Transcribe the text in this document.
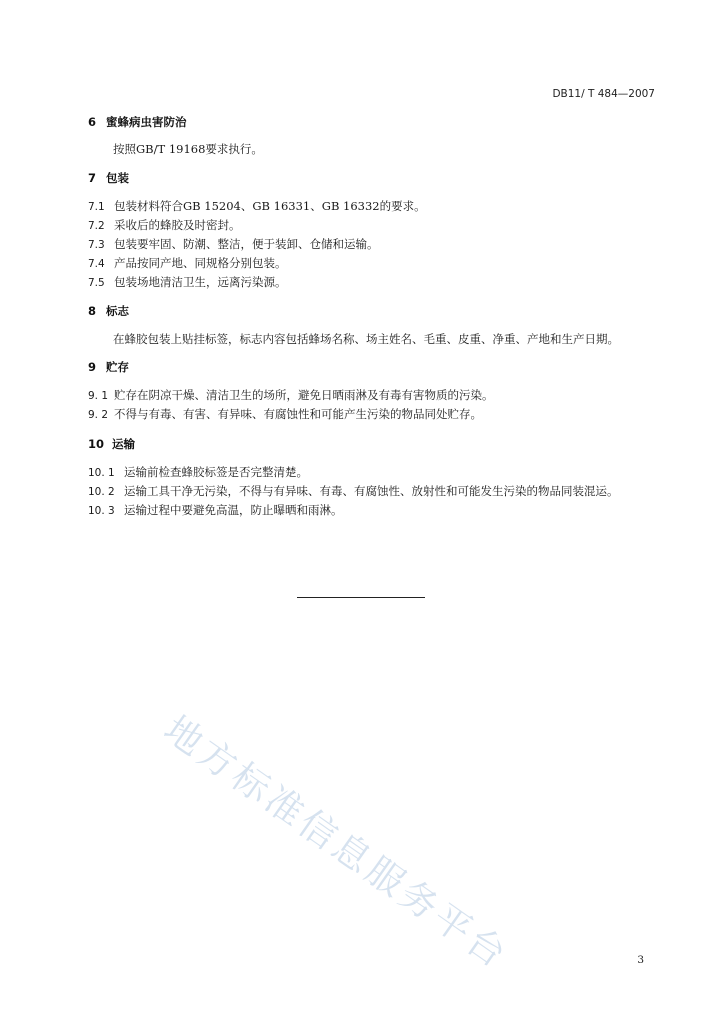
DB11/ T 484—2007
6 蜜蜂病虫害防治
按照GB/T 19168要求执行。
7 包装
7.1 包装材料符合GB 15204、GB 16331、GB 16332的要求。
7.2 采收后的蜂胶及时密封。
7.3 包装要牢固、防潮、整洁，便于装卸、仓储和运输。
7.4 产品按同产地、同规格分别包装。
7.5 包装场地清洁卫生，远离污染源。
8 标志
在蜂胶包装上贴挂标签，标志内容包括蜂场名称、场主姓名、毛重、皮重、净重、产地和生产日期。
9 贮存
9. 1 贮存在阴凉干燥、清洁卫生的场所，避免日晒雨淋及有毒有害物质的污染。
9. 2 不得与有毒、有害、有异味、有腐蚀性和可能产生污染的物品同处贮存。
10 运输
10. 1 运输前检查蜂胶标签是否完整清楚。
10. 2 运输工具干净无污染，不得与有异味、有毒、有腐蚀性、放射性和可能发生污染的物品同装混运。
10. 3 运输过程中要避免高温，防止曝晒和雨淋。
地方标准信息服务平台	3
